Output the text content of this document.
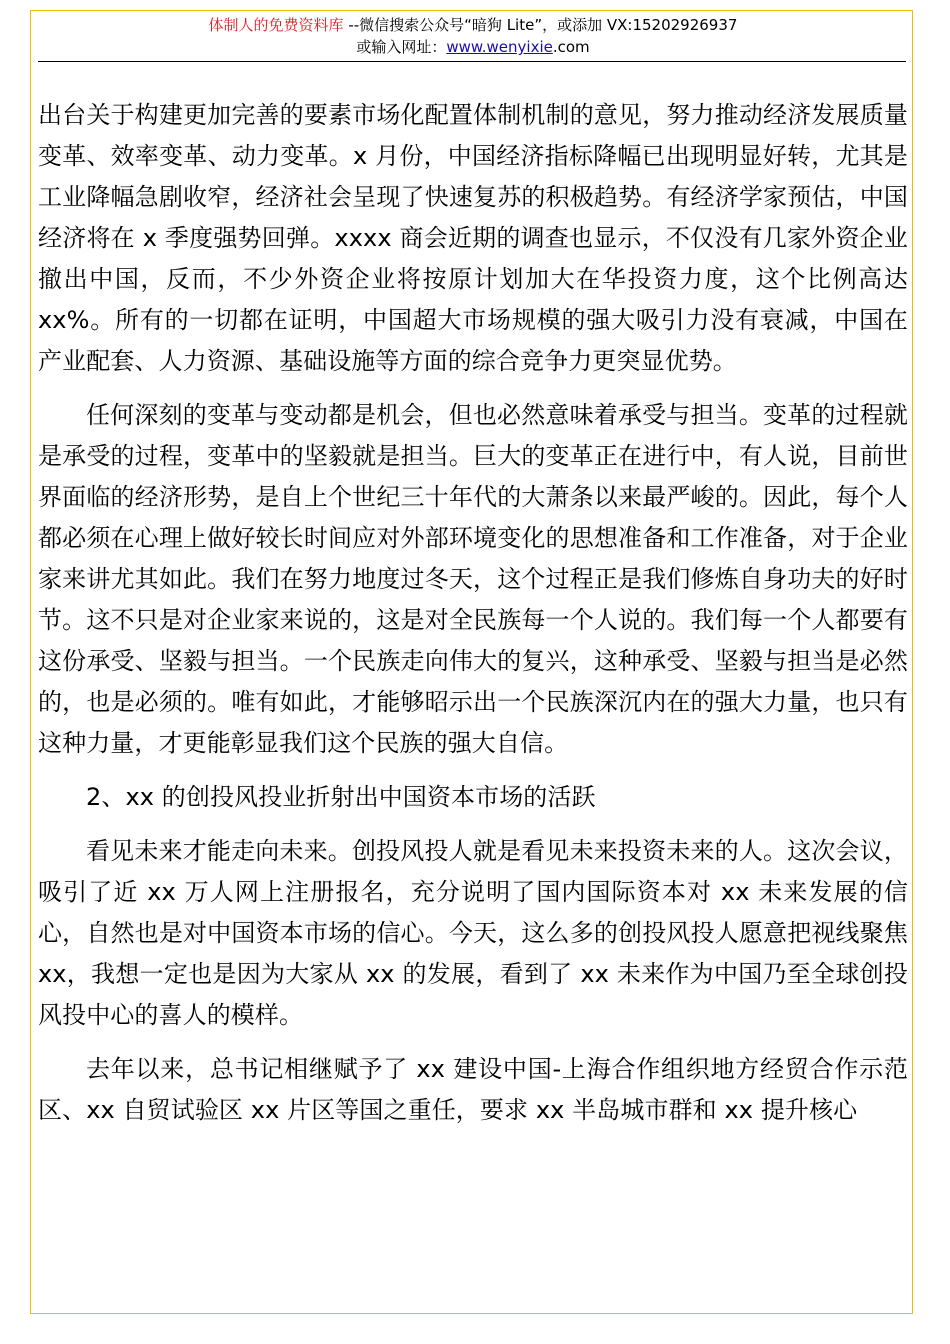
体制人的免费资料库 --微信搜索公众号“暗狗 Lite”，或添加 VX:15202926937
或输入网址：www.wenyixie.com

出台关于构建更加完善的要素市场化配置体制机制的意见，努力推动经济发展质量变革、效率变革、动力变革。x 月份，中国经济指标降幅已出现明显好转，尤其是工业降幅急剧收窄，经济社会呈现了快速复苏的积极趋势。有经济学家预估，中国经济将在 x 季度强势回弹。xxxx 商会近期的调查也显示，不仅没有几家外资企业撤出中国，反而，不少外资企业将按原计划加大在华投资力度，这个比例高达 xx%。所有的一切都在证明，中国超大市场规模的强大吸引力没有衰减，中国在产业配套、人力资源、基础设施等方面的综合竞争力更突显优势。

任何深刻的变革与变动都是机会，但也必然意味着承受与担当。变革的过程就是承受的过程，变革中的坚毅就是担当。巨大的变革正在进行中，有人说，目前世界面临的经济形势，是自上个世纪三十年代的大萧条以来最严峻的。因此，每个人都必须在心理上做好较长时间应对外部环境变化的思想准备和工作准备，对于企业家来讲尤其如此。我们在努力地度过冬天，这个过程正是我们修炼自身功夫的好时节。这不只是对企业家来说的，这是对全民族每一个人说的。我们每一个人都要有这份承受、坚毅与担当。一个民族走向伟大的复兴，这种承受、坚毅与担当是必然的，也是必须的。唯有如此，才能够昭示出一个民族深沉内在的强大力量，也只有这种力量，才更能彰显我们这个民族的强大自信。

2、xx 的创投风投业折射出中国资本市场的活跃

看见未来才能走向未来。创投风投人就是看见未来投资未来的人。这次会议，吸引了近 xx 万人网上注册报名，充分说明了国内国际资本对 xx 未来发展的信心，自然也是对中国资本市场的信心。今天，这么多的创投风投人愿意把视线聚焦 xx，我想一定也是因为大家从 xx 的发展，看到了 xx 未来作为中国乃至全球创投风投中心的喜人的模样。

去年以来，总书记相继赋予了 xx 建设中国-上海合作组织地方经贸合作示范区、xx 自贸试验区 xx 片区等国之重任，要求 xx 半岛城市群和 xx 提升核心
